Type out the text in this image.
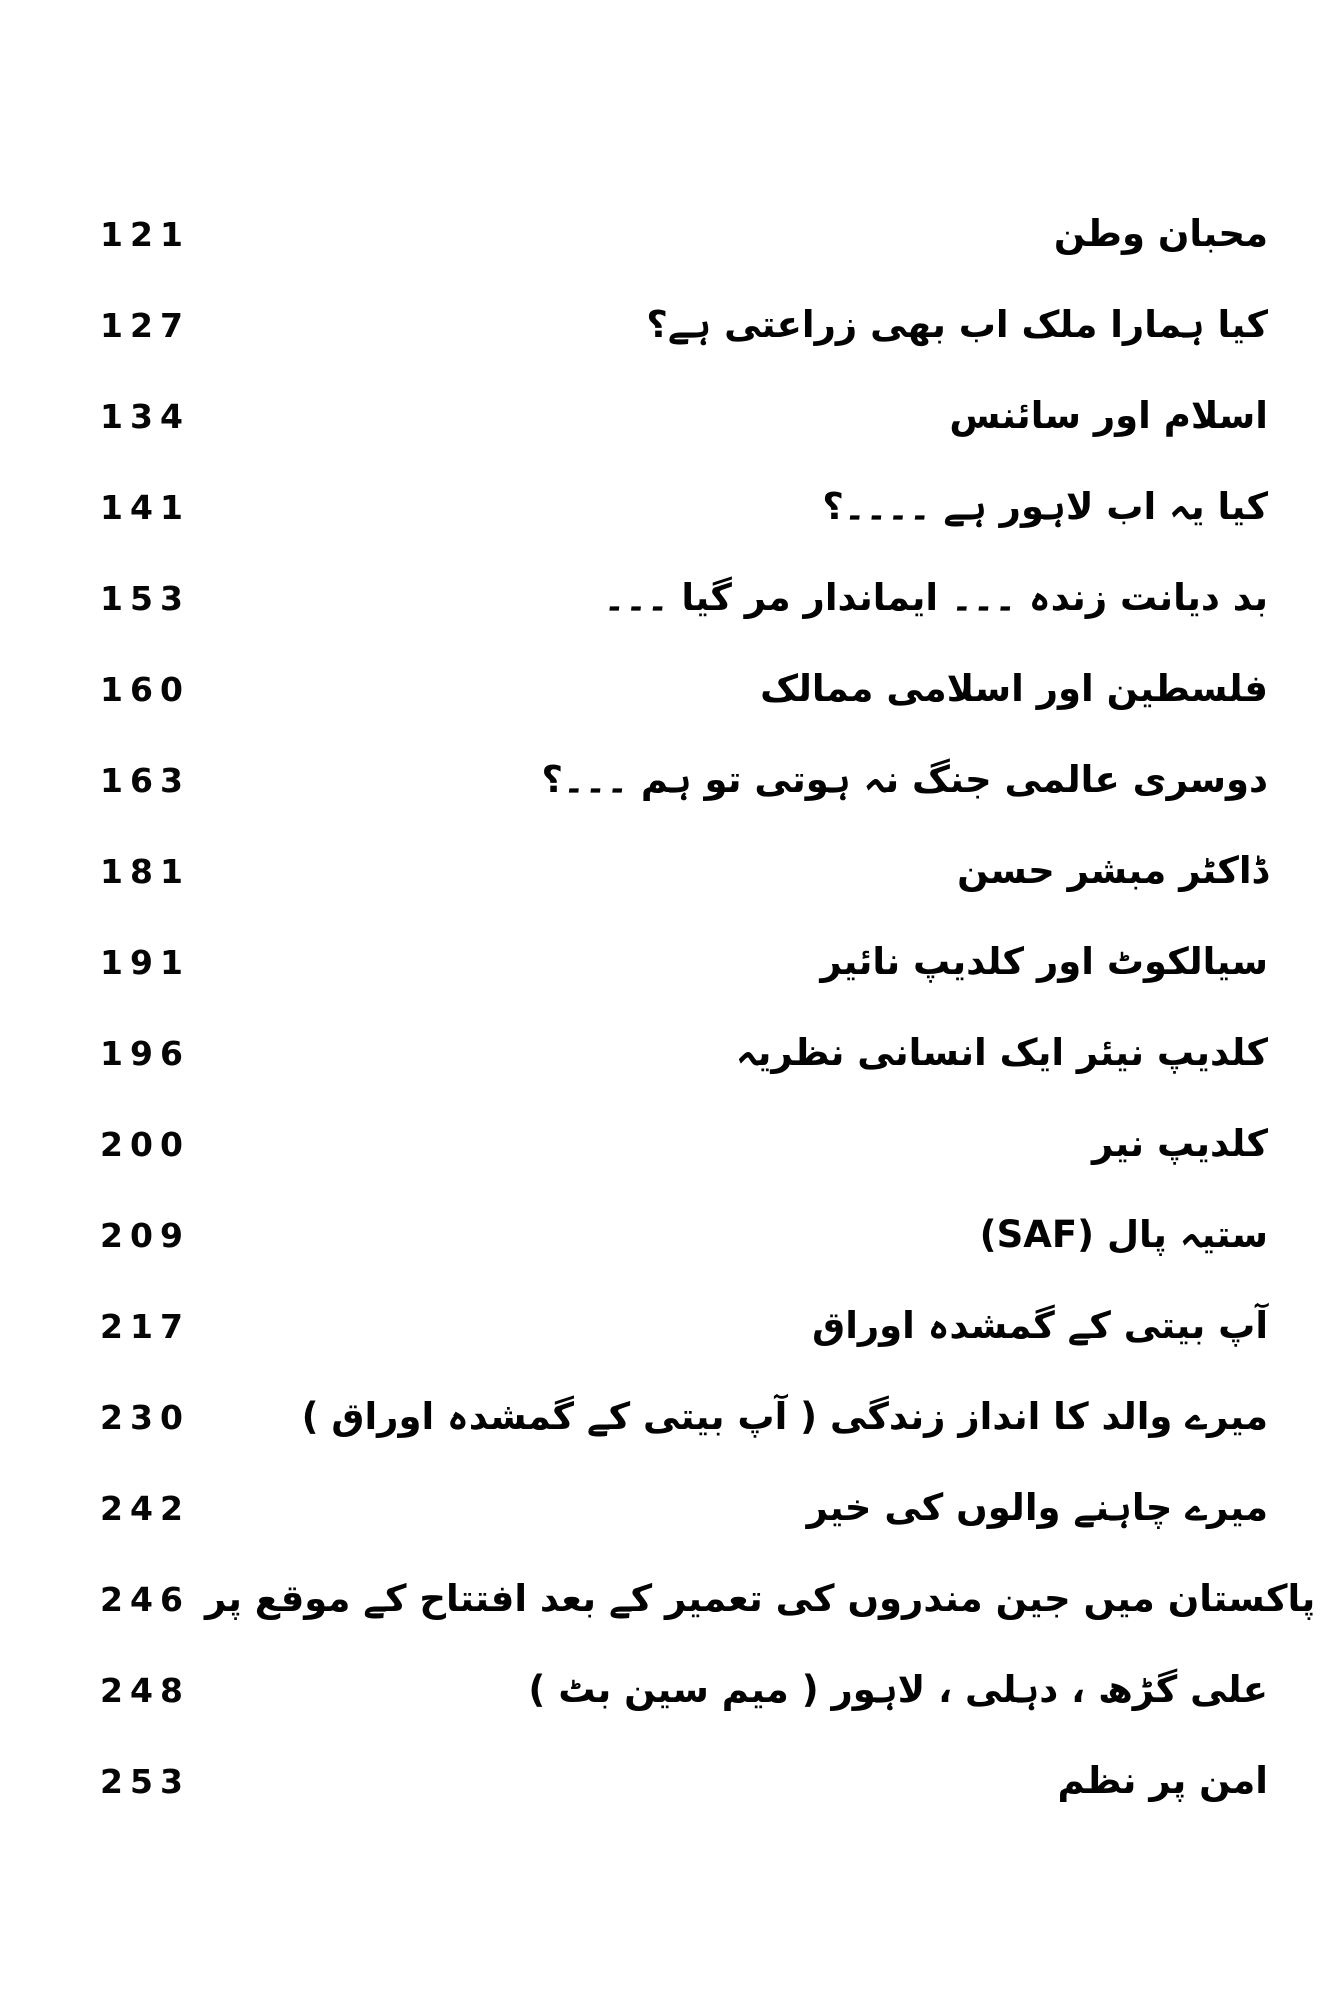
121	محبان وطن
127	کیا ہمارا ملک اب بھی زراعتی ہے؟
134	اسلام اور سائنس
141	کیا یہ اب لاہور ہے ۔۔۔۔؟
153	بد دیانت زندہ ۔۔۔ ایماندار مر گیا ۔۔۔
160	فلسطین اور اسلامی ممالک
163	دوسری عالمی جنگ نہ ہوتی تو ہم ۔۔۔؟
181	ڈاکٹر مبشر حسن
191	سیالکوٹ اور کلدیپ نائیر
196	کلدیپ نیئر ایک انسانی نظریہ
200	کلدیپ نیر
209	ستیہ پال (SAF)
217	آپ بیتی کے گمشدہ اوراق
230	میرے والد کا انداز زندگی ( آپ بیتی کے گمشدہ اوراق )
242	میرے چاہنے والوں کی خیر
246 پاکستان میں جین مندروں کی تعمیر کے بعد افتتاح کے موقع پر
248	علی گڑھ ، دہلی ، لاہور ( میم سین بٹ )
253	امن پر نظم
